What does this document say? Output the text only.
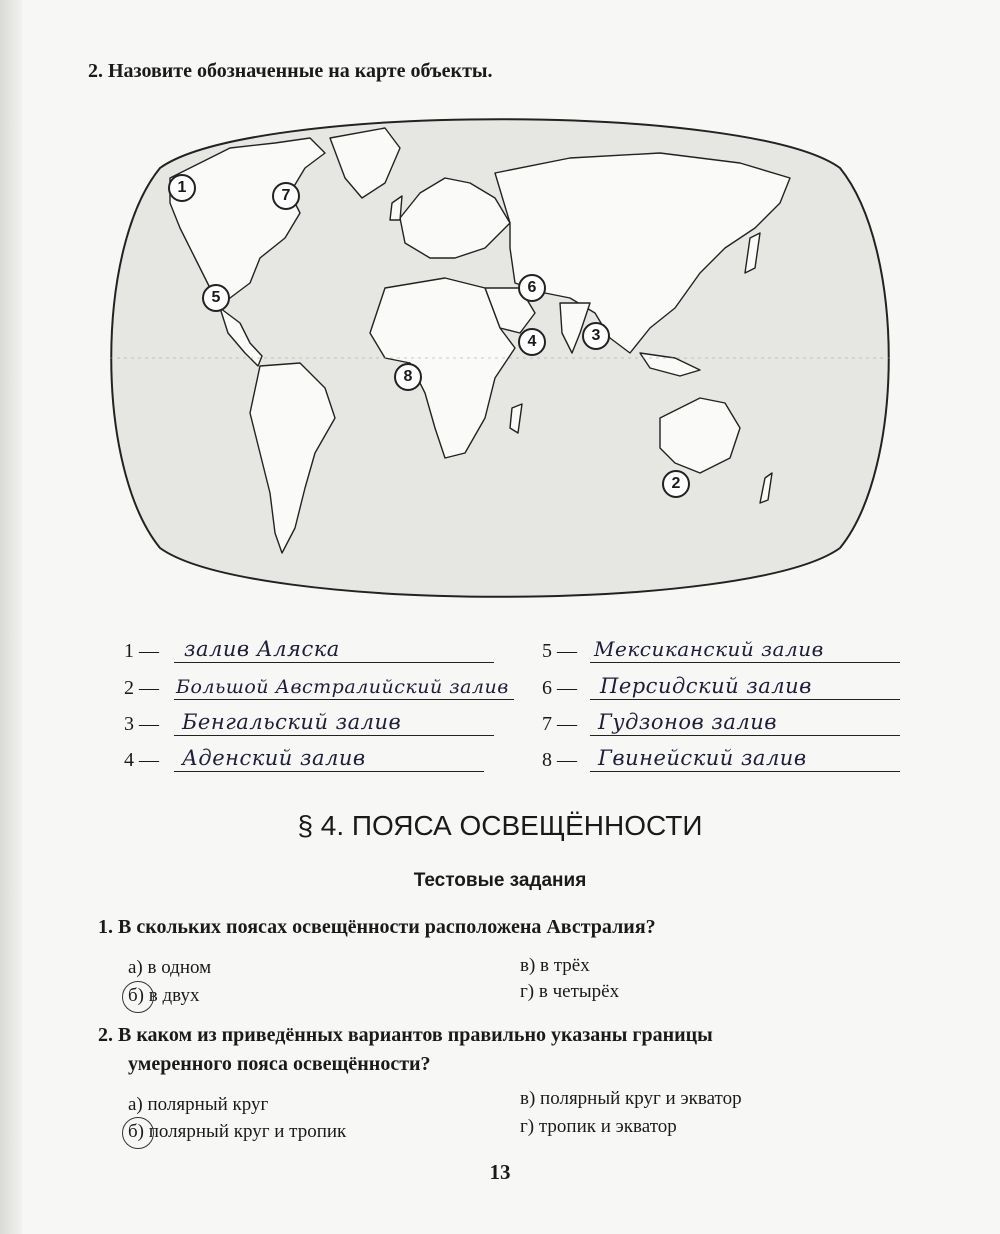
2. Назовите обозначенные на карте объекты.
1
2
3
4
5
6
7
8
1 — залив Аляска
2 — Большой Австралийский залив
3 — Бенгальский залив
4 — Аденский залив
5 — Мексиканский залив
6 — Персидский залив
7 — Гудзонов залив
8 — Гвинейский залив
§ 4. ПОЯСА ОСВЕЩЁННОСТИ
Тестовые задания
1. В скольких поясах освещённости расположена Австралия?
а) в одном
б) в двух
в) в трёх
г) в четырёх
2. В каком из приведённых вариантов правильно указаны границы
умеренного пояса освещённости?
а) полярный круг
б) полярный круг и тропик
в) полярный круг и экватор
г) тропик и экватор
13
